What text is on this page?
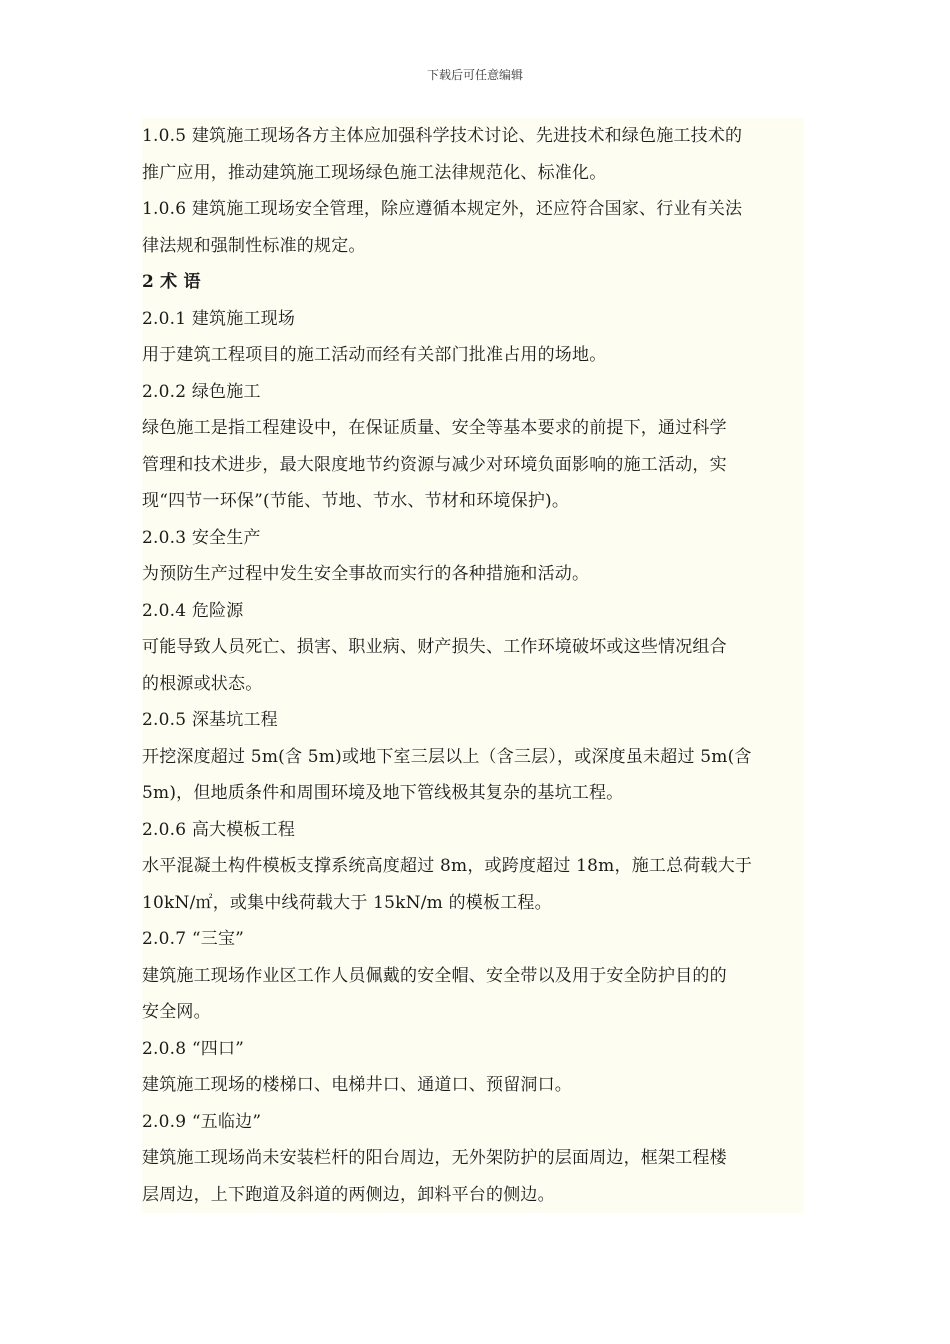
下载后可任意编辑
1.0.5 建筑施工现场各方主体应加强科学技术讨论、先进技术和绿色施工技术的
推广应用，推动建筑施工现场绿色施工法律规范化、标准化。
1.0.6 建筑施工现场安全管理，除应遵循本规定外，还应符合国家、行业有关法
律法规和强制性标准的规定。
2 术 语
2.0.1 建筑施工现场
用于建筑工程项目的施工活动而经有关部门批准占用的场地。
2.0.2 绿色施工
绿色施工是指工程建设中，在保证质量、安全等基本要求的前提下，通过科学
管理和技术进步，最大限度地节约资源与减少对环境负面影响的施工活动，实
现“四节一环保”(节能、节地、节水、节材和环境保护)。
2.0.3 安全生产
为预防生产过程中发生安全事故而实行的各种措施和活动。
2.0.4 危险源
可能导致人员死亡、损害、职业病、财产损失、工作环境破坏或这些情况组合
的根源或状态。
2.0.5 深基坑工程
开挖深度超过 5m(含 5m)或地下室三层以上（含三层），或深度虽未超过 5m(含
5m)，但地质条件和周围环境及地下管线极其复杂的基坑工程。
2.0.6 高大模板工程
水平混凝土构件模板支撑系统高度超过 8m，或跨度超过 18m，施工总荷载大于
10kN/㎡，或集中线荷载大于 15kN/m 的模板工程。
2.0.7 “三宝”
建筑施工现场作业区工作人员佩戴的安全帽、安全带以及用于安全防护目的的
安全网。
2.0.8 “四口”
建筑施工现场的楼梯口、电梯井口、通道口、预留洞口。
2.0.9 “五临边”
建筑施工现场尚未安装栏杆的阳台周边，无外架防护的层面周边，框架工程楼
层周边，上下跑道及斜道的两侧边，卸料平台的侧边。
